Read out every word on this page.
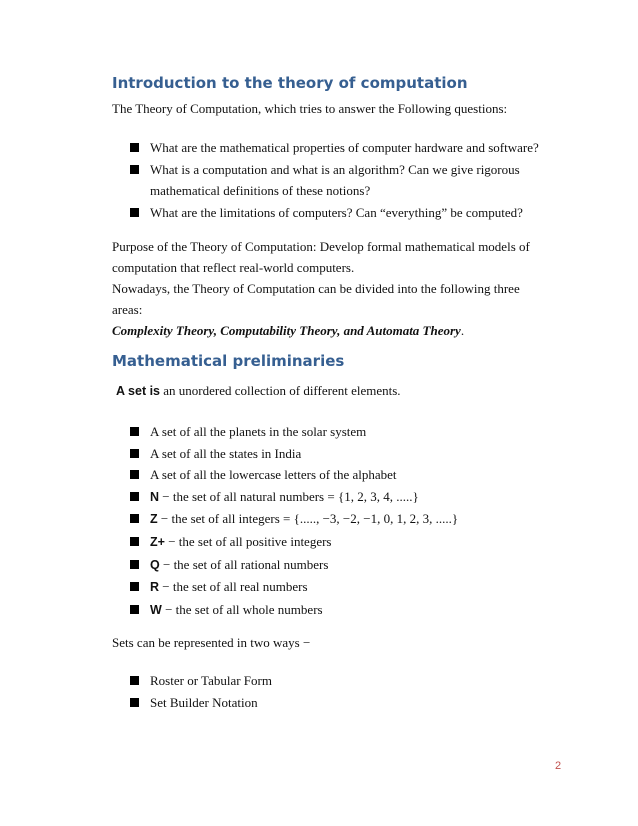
Introduction to the theory of computation

The Theory of Computation, which tries to answer the Following questions:

What are the mathematical properties of computer hardware and software?
What is a computation and what is an algorithm? Can we give rigorous
mathematical definitions of these notions?
What are the limitations of computers? Can “everything” be computed?

Purpose of the Theory of Computation: Develop formal mathematical models of
computation that reflect real-world computers.
Nowadays, the Theory of Computation can be divided into the following three areas:
Complexity Theory, Computability Theory, and Automata Theory.

Mathematical preliminaries

A set is an unordered collection of different elements.

A set of all the planets in the solar system
A set of all the states in India
A set of all the lowercase letters of the alphabet
N − the set of all natural numbers = {1, 2, 3, 4, .....}
Z − the set of all integers = {....., −3, −2, −1, 0, 1, 2, 3, .....}
Z+ − the set of all positive integers
Q − the set of all rational numbers
R − the set of all real numbers
W − the set of all whole numbers

Sets can be represented in two ways −

Roster or Tabular Form
Set Builder Notation
2
